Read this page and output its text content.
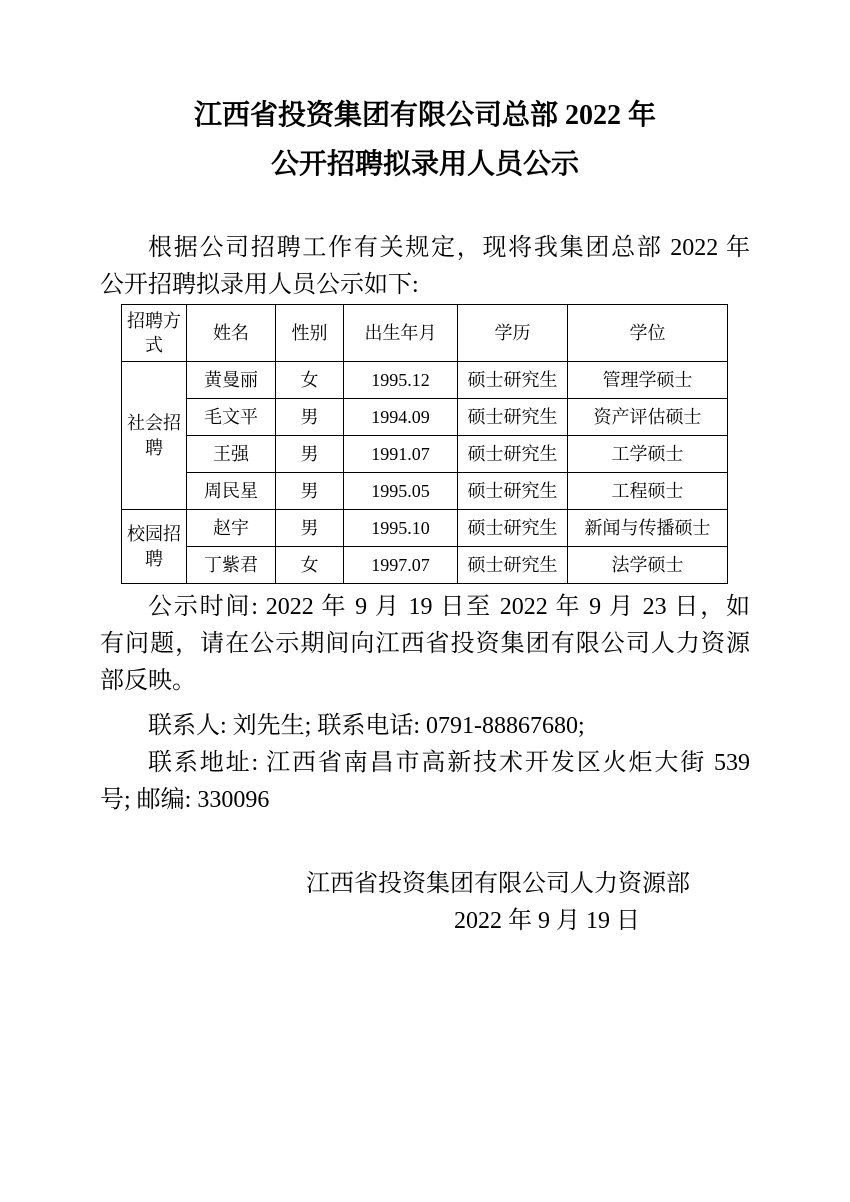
江西省投资集团有限公司总部 2022 年
公开招聘拟录用人员公示
根据公司招聘工作有关规定，现将我集团总部 2022 年
公开招聘拟录用人员公示如下:
招聘方式	姓名	性别	出生年月	学历	学位
社会招聘	黄曼丽	女	1995.12	硕士研究生	管理学硕士
	毛文平	男	1994.09	硕士研究生	资产评估硕士
	王强	男	1991.07	硕士研究生	工学硕士
	周民星	男	1995.05	硕士研究生	工程硕士
校园招聘	赵宇	男	1995.10	硕士研究生	新闻与传播硕士
	丁紫君	女	1997.07	硕士研究生	法学硕士
公示时间: 2022 年 9 月 19 日至 2022 年 9 月 23 日，如
有问题，请在公示期间向江西省投资集团有限公司人力资源
部反映。
联系人: 刘先生; 联系电话: 0791-88867680;
联系地址: 江西省南昌市高新技术开发区火炬大街 539
号; 邮编: 330096
江西省投资集团有限公司人力资源部
2022 年 9 月 19 日
